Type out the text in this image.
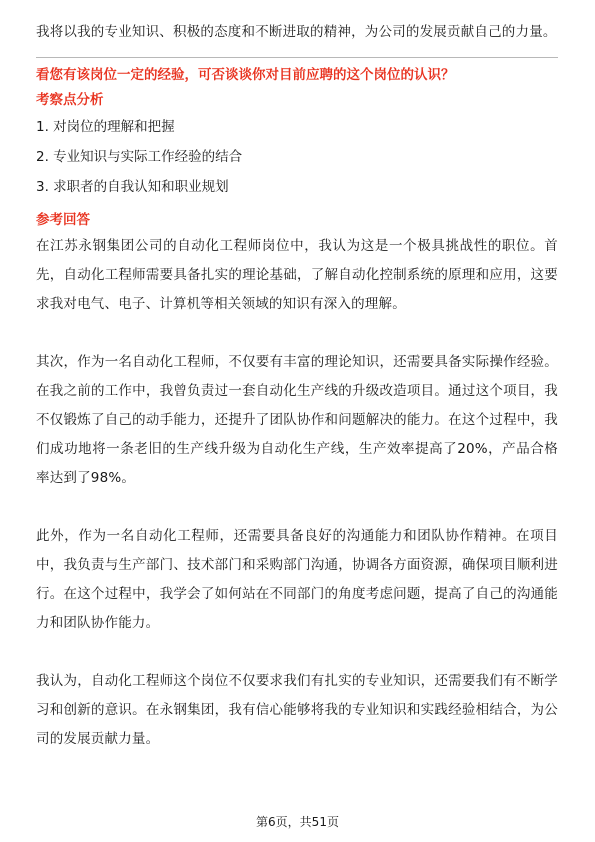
我将以我的专业知识、积极的态度和不断进取的精神，为公司的发展贡献自己的力量。

看您有该岗位一定的经验，可否谈谈你对目前应聘的这个岗位的认识？

考察点分析

1. 对岗位的理解和把握

2. 专业知识与实际工作经验的结合

3. 求职者的自我认知和职业规划

参考回答

在江苏永钢集团公司的自动化工程师岗位中，我认为这是一个极具挑战性的职位。首先，自动化工程师需要具备扎实的理论基础，了解自动化控制系统的原理和应用，这要求我对电气、电子、计算机等相关领域的知识有深入的理解。

其次，作为一名自动化工程师，不仅要有丰富的理论知识，还需要具备实际操作经验。在我之前的工作中，我曾负责过一套自动化生产线的升级改造项目。通过这个项目，我不仅锻炼了自己的动手能力，还提升了团队协作和问题解决的能力。在这个过程中，我们成功地将一条老旧的生产线升级为自动化生产线，生产效率提高了20%，产品合格率达到了98%。

此外，作为一名自动化工程师，还需要具备良好的沟通能力和团队协作精神。在项目中，我负责与生产部门、技术部门和采购部门沟通，协调各方面资源，确保项目顺利进行。在这个过程中，我学会了如何站在不同部门的角度考虑问题，提高了自己的沟通能力和团队协作能力。

我认为，自动化工程师这个岗位不仅要求我们有扎实的专业知识，还需要我们有不断学习和创新的意识。在永钢集团，我有信心能够将我的专业知识和实践经验相结合，为公司的发展贡献力量。

第6页，共51页
